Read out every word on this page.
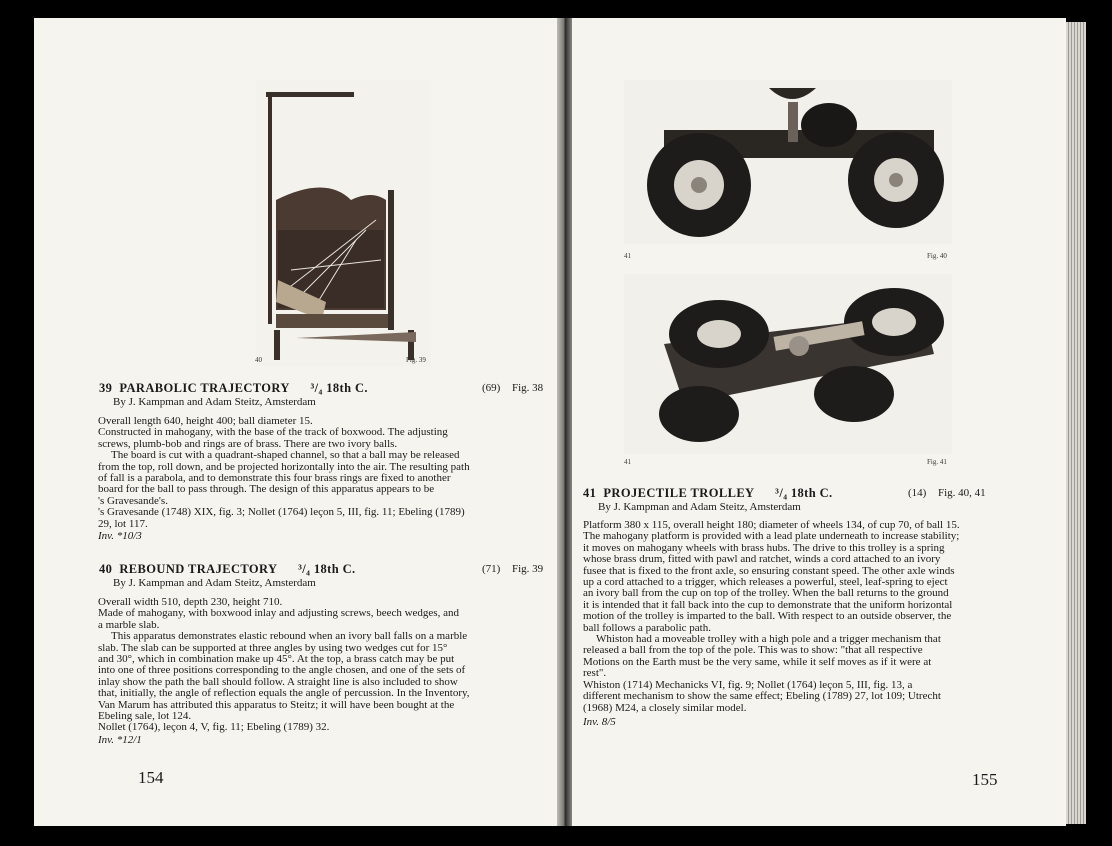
40	Fig. 39
39 PARABOLIC TRAJECTORY ³/₄ 18th C.	(69) Fig. 38
By J. Kampman and Adam Steitz, Amsterdam
Overall length 640, height 400; ball diameter 15.
Constructed in mahogany, with the base of the track of boxwood. The adjusting
screws, plumb-bob and rings are of brass. There are two ivory balls.
The board is cut with a quadrant-shaped channel, so that a ball may be released
from the top, roll down, and be projected horizontally into the air. The resulting path
of fall is a parabola, and to demonstrate this four brass rings are fixed to another
board for the ball to pass through. The design of this apparatus appears to be
's Gravesande's.
's Gravesande (1748) XIX, fig. 3; Nollet (1764) leçon 5, III, fig. 11; Ebeling (1789)
29, lot 117.
Inv. *10/3
40 REBOUND TRAJECTORY ³/₄ 18th C.	(71) Fig. 39
By J. Kampman and Adam Steitz, Amsterdam
Overall width 510, depth 230, height 710.
Made of mahogany, with boxwood inlay and adjusting screws, beech wedges, and
a marble slab.
This apparatus demonstrates elastic rebound when an ivory ball falls on a marble
slab. The slab can be supported at three angles by using two wedges cut for 15°
and 30°, which in combination make up 45°. At the top, a brass catch may be put
into one of three positions corresponding to the angle chosen, and one of the sets of
inlay show the path the ball should follow. A straight line is also included to show
that, initially, the angle of reflection equals the angle of percussion. In the Inventory,
Van Marum has attributed this apparatus to Steitz; it will have been bought at the
Ebeling sale, lot 124.
Nollet (1764), leçon 4, V, fig. 11; Ebeling (1789) 32.
Inv. *12/1
154
41	Fig. 40
41	Fig. 41
41 PROJECTILE TROLLEY ³/₄ 18th C.	(14) Fig. 40, 41
By J. Kampman and Adam Steitz, Amsterdam
Platform 380 x 115, overall height 180; diameter of wheels 134, of cup 70, of ball 15.
The mahogany platform is provided with a lead plate underneath to increase stability;
it moves on mahogany wheels with brass hubs. The drive to this trolley is a spring
whose brass drum, fitted with pawl and ratchet, winds a cord attached to an ivory
fusee that is fixed to the front axle, so ensuring constant speed. The other axle winds
up a cord attached to a trigger, which releases a powerful, steel, leaf-spring to eject
an ivory ball from the cup on top of the trolley. When the ball returns to the ground
it is intended that it fall back into the cup to demonstrate that the uniform horizontal
motion of the trolley is imparted to the ball. With respect to an outside observer, the
ball follows a parabolic path.
Whiston had a moveable trolley with a high pole and a trigger mechanism that
released a ball from the top of the pole. This was to show: "that all respective
Motions on the Earth must be the very same, while it self moves as if it were at
rest".
Whiston (1714) Mechanicks VI, fig. 9; Nollet (1764) leçon 5, III, fig. 13, a
different mechanism to show the same effect; Ebeling (1789) 27, lot 109; Utrecht
(1968) M24, a closely similar model.
Inv. 8/5
155
